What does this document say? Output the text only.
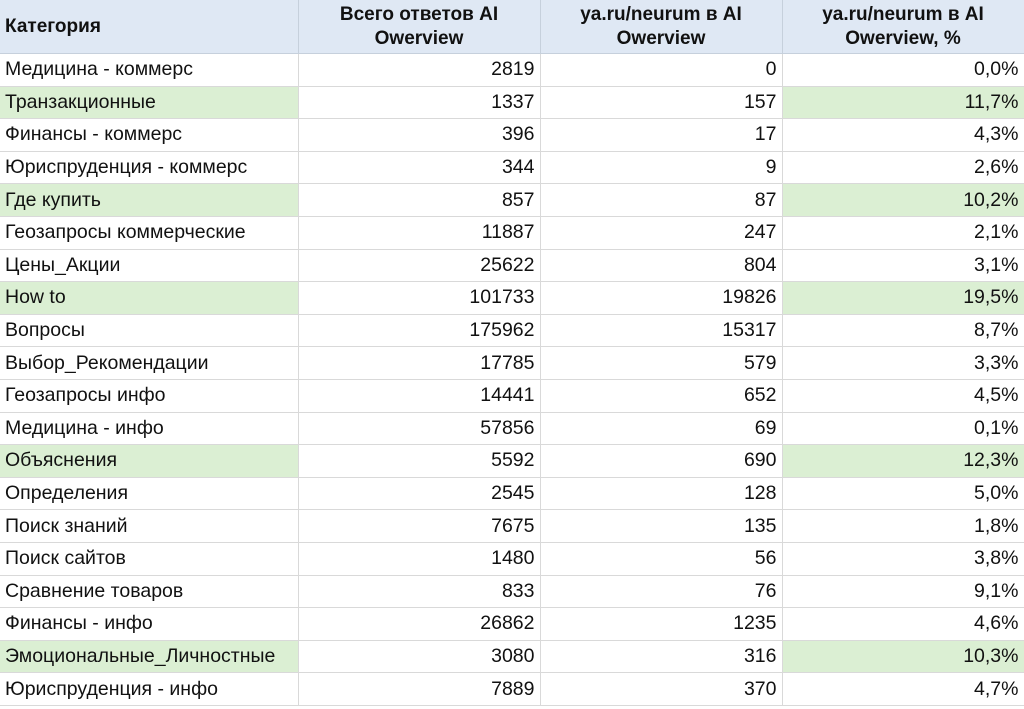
Категория	Всего ответов AI Owerview	ya.ru/neurum в AI Owerview	ya.ru/neurum в AI Owerview, %
Медицина - коммерс	2819	0	0,0%
Транзакционные	1337	157	11,7%
Финансы - коммерс	396	17	4,3%
Юриспруденция - коммерс	344	9	2,6%
Где купить	857	87	10,2%
Геозапросы коммерческие	11887	247	2,1%
Цены_Акции	25622	804	3,1%
How to	101733	19826	19,5%
Вопросы	175962	15317	8,7%
Выбор_Рекомендации	17785	579	3,3%
Геозапросы инфо	14441	652	4,5%
Медицина - инфо	57856	69	0,1%
Объяснения	5592	690	12,3%
Определения	2545	128	5,0%
Поиск знаний	7675	135	1,8%
Поиск сайтов	1480	56	3,8%
Сравнение товаров	833	76	9,1%
Финансы - инфо	26862	1235	4,6%
Эмоциональные_Личностные	3080	316	10,3%
Юриспруденция - инфо	7889	370	4,7%
